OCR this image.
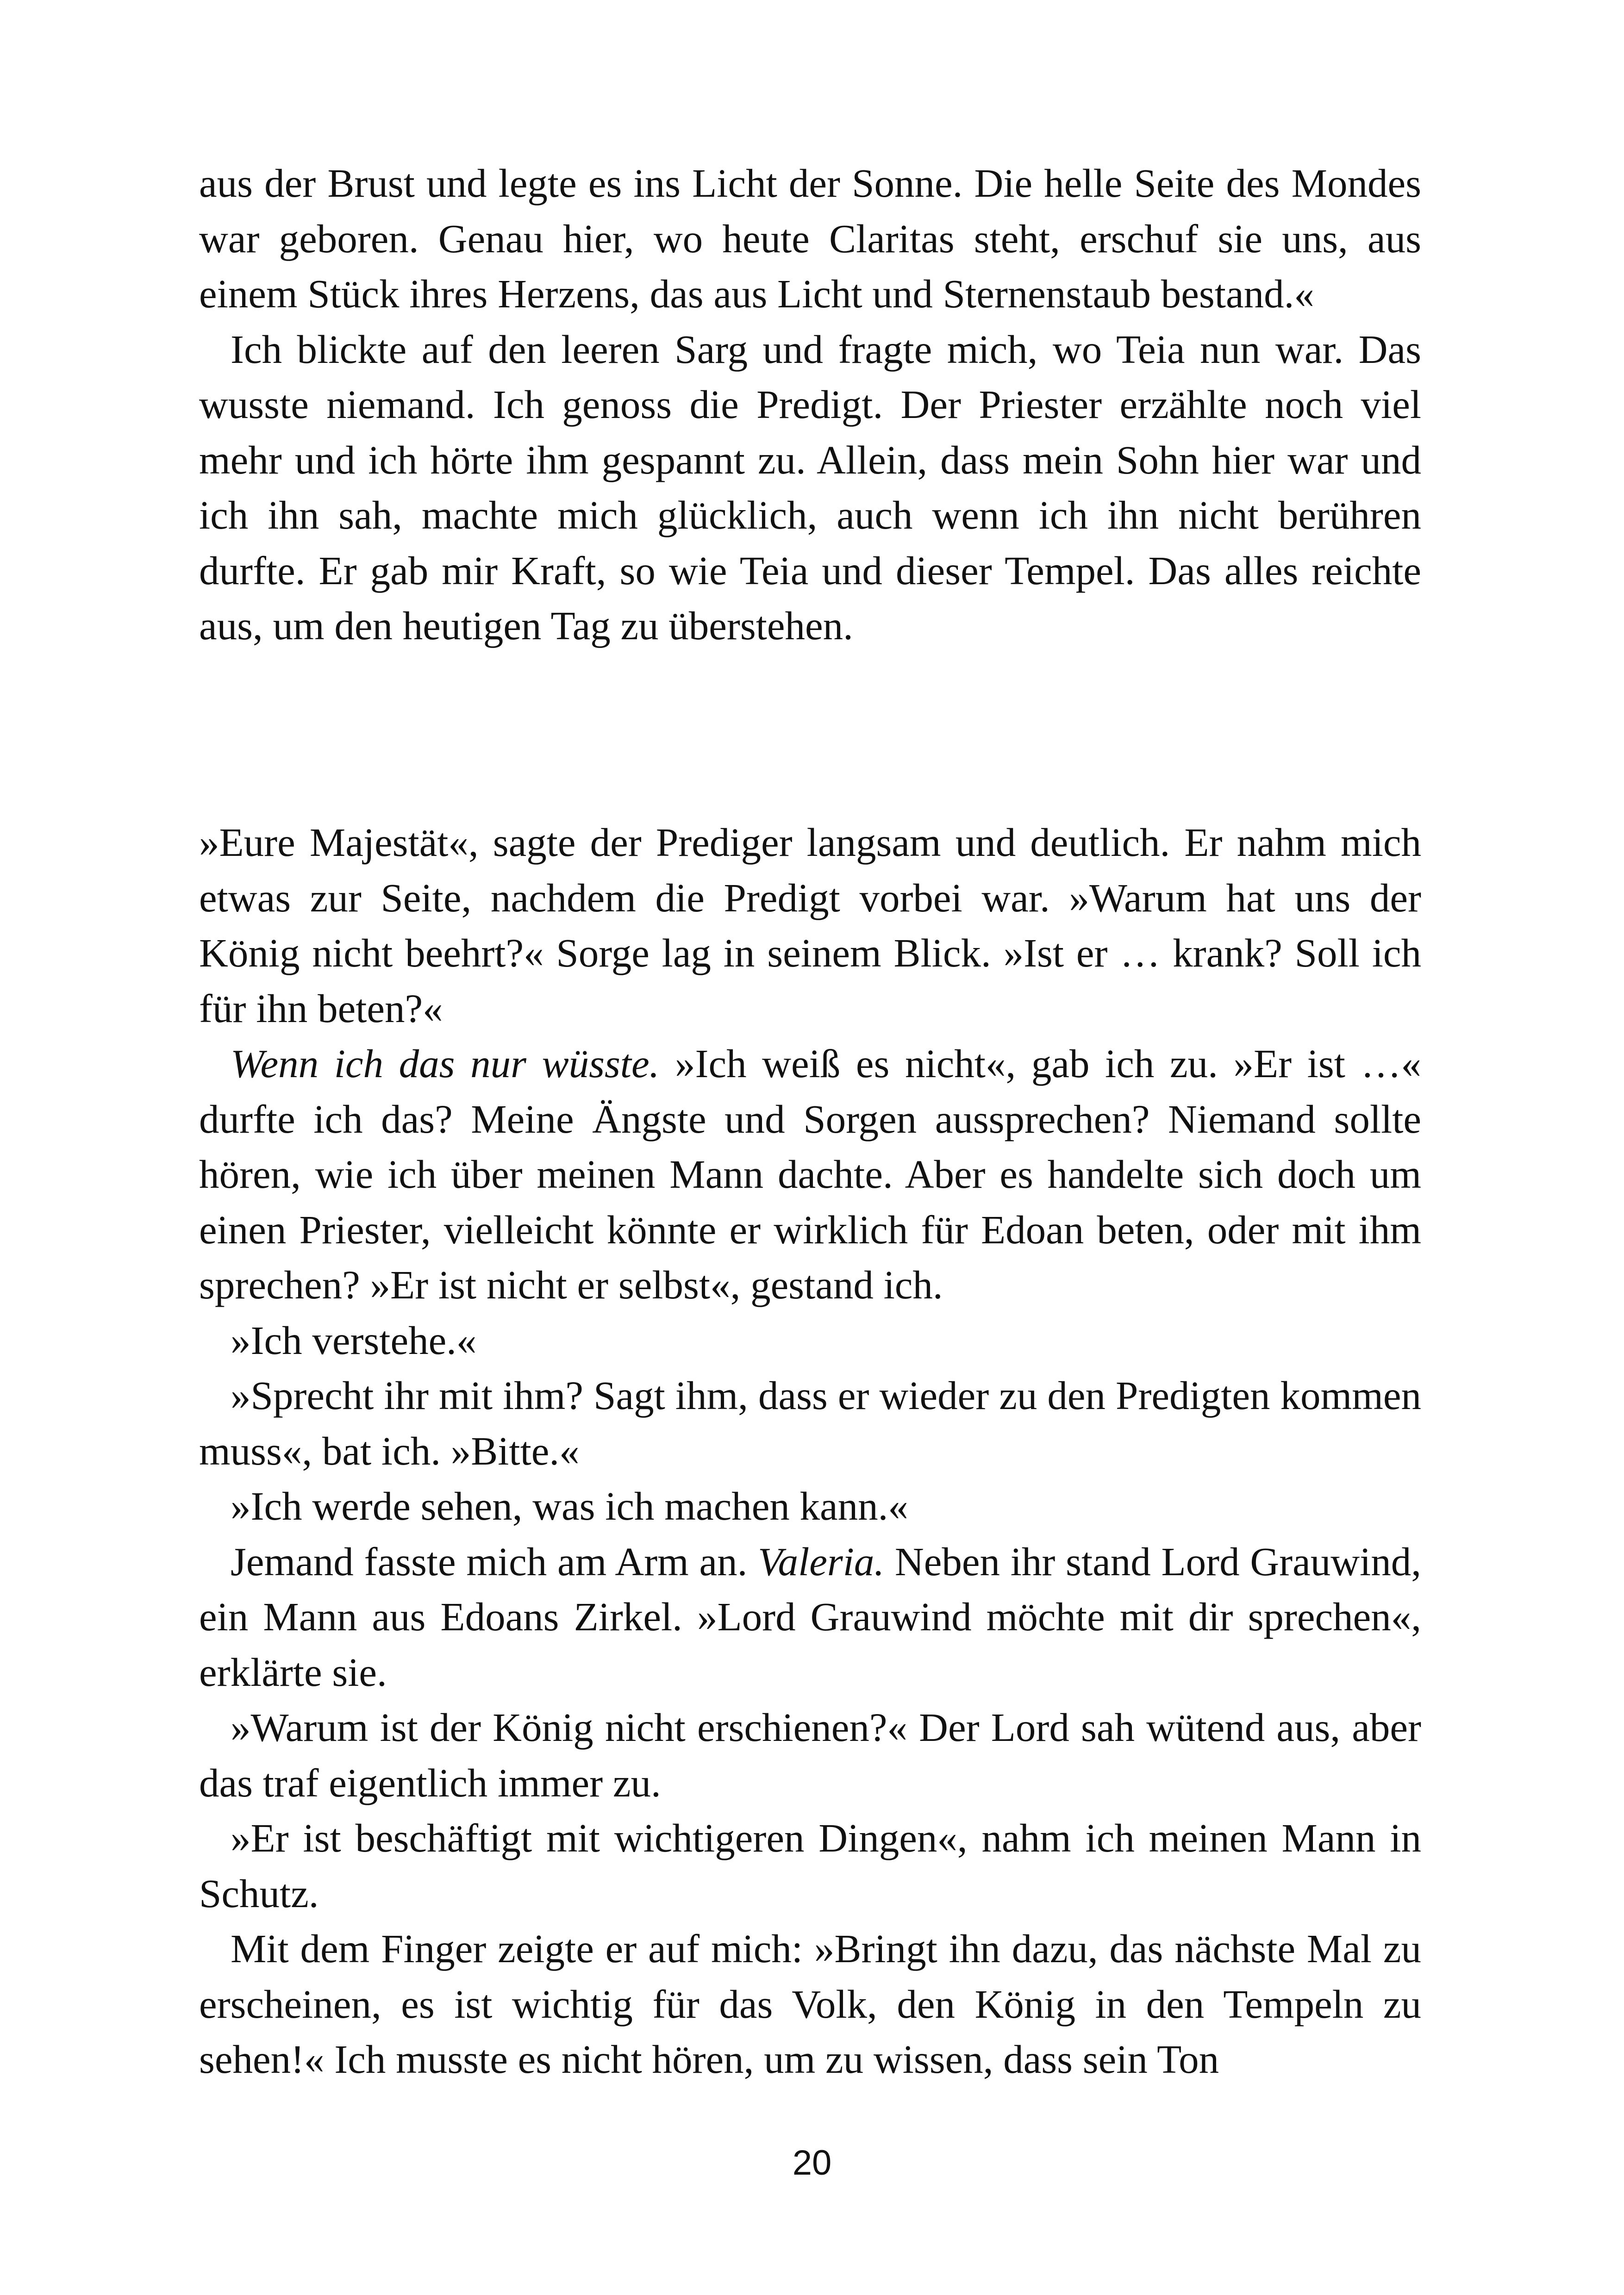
aus der Brust und legte es ins Licht der Sonne. Die helle Seite des Mondes war geboren. Genau hier, wo heute Claritas steht, erschuf sie uns, aus einem Stück ihres Herzens, das aus Licht und Sternenstaub bestand.«

Ich blickte auf den leeren Sarg und fragte mich, wo Teia nun war. Das wusste niemand. Ich genoss die Predigt. Der Priester erzählte noch viel mehr und ich hörte ihm gespannt zu. Allein, dass mein Sohn hier war und ich ihn sah, machte mich glücklich, auch wenn ich ihn nicht berühren durfte. Er gab mir Kraft, so wie Teia und dieser Tempel. Das alles reichte aus, um den heutigen Tag zu überstehen.

»Eure Majestät«, sagte der Prediger langsam und deutlich. Er nahm mich etwas zur Seite, nachdem die Predigt vorbei war. »Warum hat uns der König nicht beehrt?« Sorge lag in seinem Blick. »Ist er … krank? Soll ich für ihn beten?«

Wenn ich das nur wüsste. »Ich weiß es nicht«, gab ich zu. »Er ist …« durfte ich das? Meine Ängste und Sorgen aussprechen? Niemand sollte hören, wie ich über meinen Mann dachte. Aber es handelte sich doch um einen Priester, vielleicht könnte er wirklich für Edoan beten, oder mit ihm sprechen? »Er ist nicht er selbst«, gestand ich.

»Ich verstehe.«

»Sprecht ihr mit ihm? Sagt ihm, dass er wieder zu den Predigten kommen muss«, bat ich. »Bitte.«

»Ich werde sehen, was ich machen kann.«

Jemand fasste mich am Arm an. Valeria. Neben ihr stand Lord Grauwind, ein Mann aus Edoans Zirkel. »Lord Grauwind möchte mit dir sprechen«, erklärte sie.

»Warum ist der König nicht erschienen?« Der Lord sah wütend aus, aber das traf eigentlich immer zu.

»Er ist beschäftigt mit wichtigeren Dingen«, nahm ich meinen Mann in Schutz.

Mit dem Finger zeigte er auf mich: »Bringt ihn dazu, das nächste Mal zu erscheinen, es ist wichtig für das Volk, den König in den Tempeln zu sehen!« Ich musste es nicht hören, um zu wissen, dass sein Ton

20
